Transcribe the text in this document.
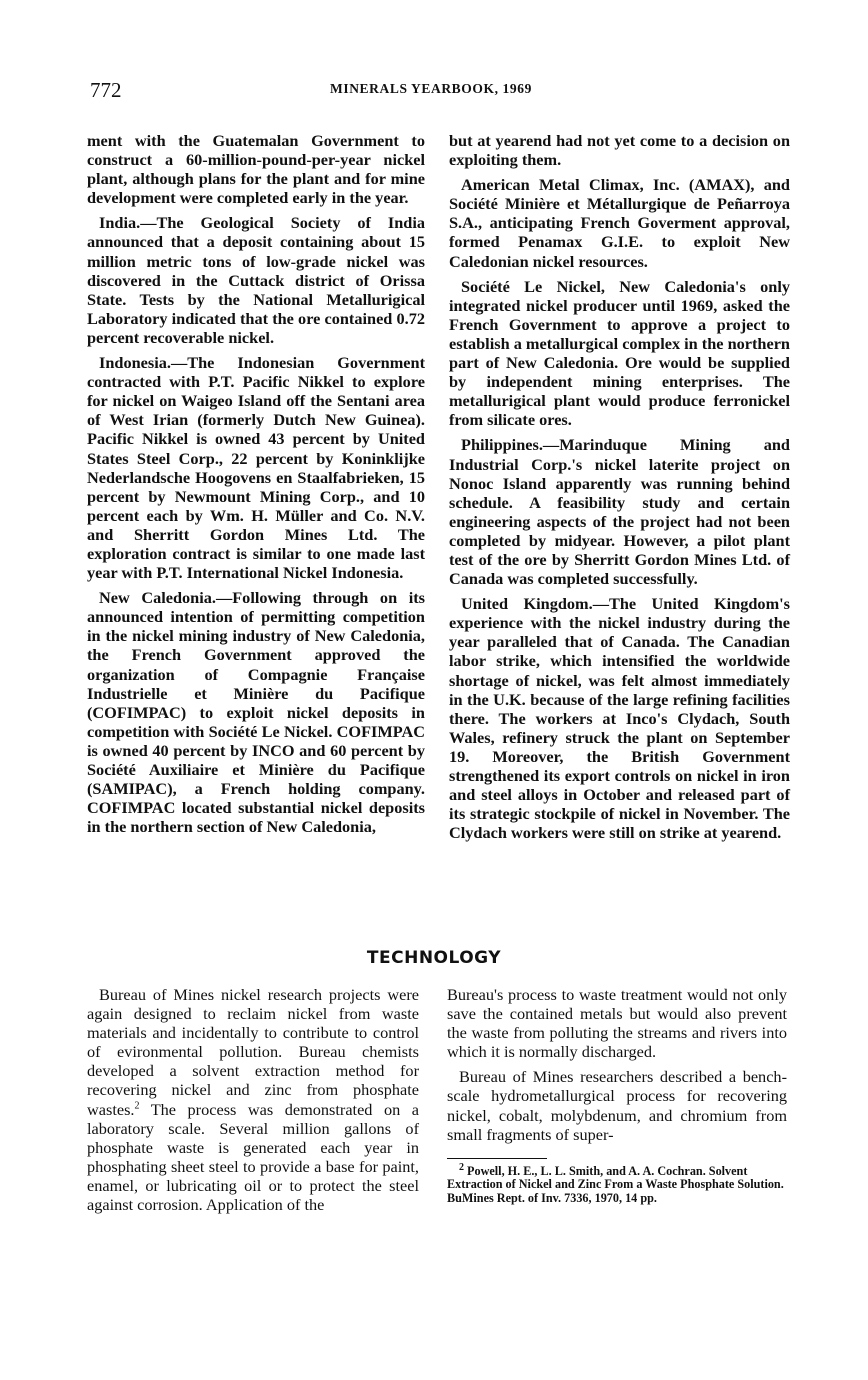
772	MINERALS YEARBOOK, 1969

ment with the Guatemalan Government to construct a 60-million-pound-per-year nickel plant, although plans for the plant and for mine development were completed early in the year.

India.—The Geological Society of India announced that a deposit containing about 15 million metric tons of low-grade nickel was discovered in the Cuttack district of Orissa State. Tests by the National Metallurigical Laboratory indicated that the ore contained 0.72 percent recoverable nickel.

Indonesia.—The Indonesian Government contracted with P.T. Pacific Nikkel to explore for nickel on Waigeo Island off the Sentani area of West Irian (formerly Dutch New Guinea). Pacific Nikkel is owned 43 percent by United States Steel Corp., 22 percent by Koninklijke Nederlandsche Hoogovens en Staalfabrieken, 15 percent by Newmount Mining Corp., and 10 percent each by Wm. H. Müller and Co. N.V. and Sherritt Gordon Mines Ltd. The exploration contract is similar to one made last year with P.T. International Nickel Indonesia.

New Caledonia.—Following through on its announced intention of permitting competition in the nickel mining industry of New Caledonia, the French Government approved the organization of Compagnie Française Industrielle et Minière du Pacifique (COFIMPAC) to exploit nickel deposits in competition with Société Le Nickel. COFIMPAC is owned 40 percent by INCO and 60 percent by Société Auxiliaire et Minière du Pacifique (SAMIPAC), a French holding company. COFIMPAC located substantial nickel deposits in the northern section of New Caledonia,

but at yearend had not yet come to a decision on exploiting them.

American Metal Climax, Inc. (AMAX), and Société Minière et Métallurgique de Peñarroya S.A., anticipating French Goverment approval, formed Penamax G.I.E. to exploit New Caledonian nickel resources.

Société Le Nickel, New Caledonia's only integrated nickel producer until 1969, asked the French Government to approve a project to establish a metallurgical complex in the northern part of New Caledonia. Ore would be supplied by independent mining enterprises. The metallurigical plant would produce ferronickel from silicate ores.

Philippines.—Marinduque Mining and Industrial Corp.'s nickel laterite project on Nonoc Island apparently was running behind schedule. A feasibility study and certain engineering aspects of the project had not been completed by midyear. However, a pilot plant test of the ore by Sherritt Gordon Mines Ltd. of Canada was completed successfully.

United Kingdom.—The United Kingdom's experience with the nickel industry during the year paralleled that of Canada. The Canadian labor strike, which intensified the worldwide shortage of nickel, was felt almost immediately in the U.K. because of the large refining facilities there. The workers at Inco's Clydach, South Wales, refinery struck the plant on September 19. Moreover, the British Government strengthened its export controls on nickel in iron and steel alloys in October and released part of its strategic stockpile of nickel in November. The Clydach workers were still on strike at yearend.

TECHNOLOGY

Bureau of Mines nickel research projects were again designed to reclaim nickel from waste materials and incidentally to contribute to control of evironmental pollution. Bureau chemists developed a solvent extraction method for recovering nickel and zinc from phosphate wastes.$^2$ The process was demonstrated on a laboratory scale. Several million gallons of phosphate waste is generated each year in phosphating sheet steel to provide a base for paint, enamel, or lubricating oil or to protect the steel against corrosion. Application of the

Bureau's process to waste treatment would not only save the contained metals but would also prevent the waste from polluting the streams and rivers into which it is normally discharged.

Bureau of Mines researchers described a bench-scale hydrometallurgical process for recovering nickel, cobalt, molybdenum, and chromium from small fragments of super-

$^2$ Powell, H. E., L. L. Smith, and A. A. Cochran. Solvent Extraction of Nickel and Zinc From a Waste Phosphate Solution. BuMines Rept. of Inv. 7336, 1970, 14 pp.
